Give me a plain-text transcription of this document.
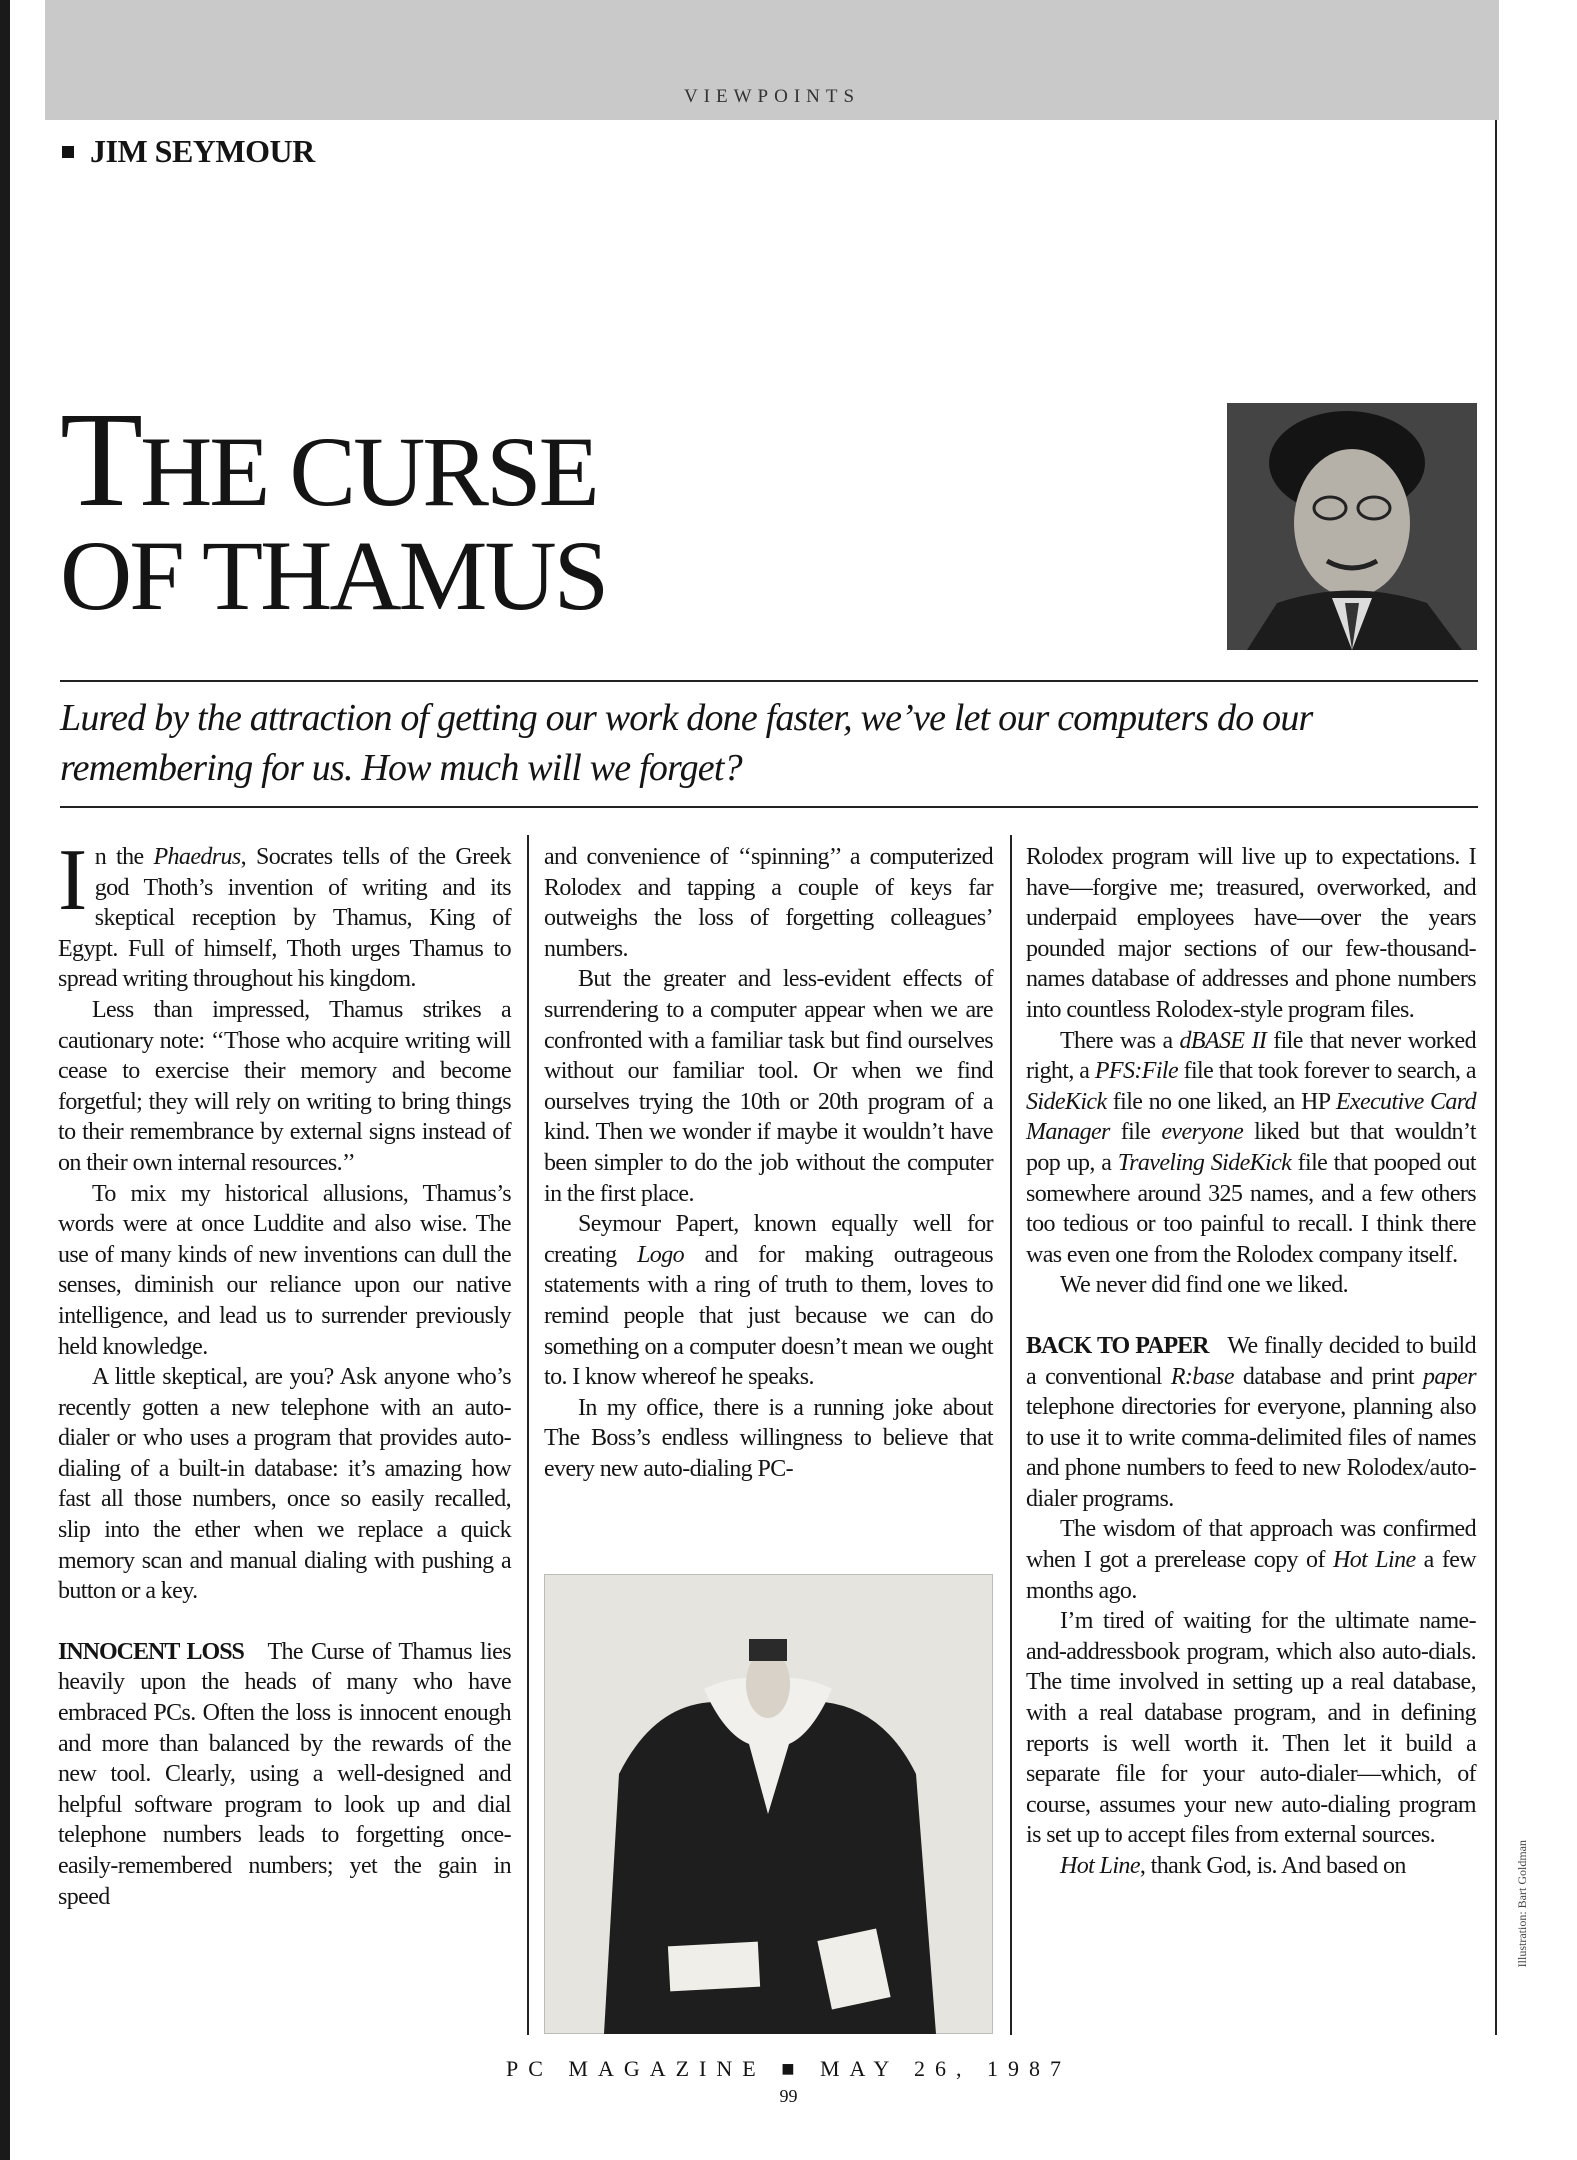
VIEWPOINTS
JIM SEYMOUR
THE CURSE
OF THAMUS
Lured by the attraction of getting our work done faster, we’ve let our computers do our remembering for us. How much will we forget?

In the Phaedrus, Socrates tells of the Greek god Thoth’s invention of writing and its skeptical reception by Thamus, King of Egypt. Full of himself, Thoth urges Thamus to spread writing throughout his kingdom.

Less than impressed, Thamus strikes a cautionary note: ‘‘Those who acquire writing will cease to exercise their memory and become forgetful; they will rely on writing to bring things to their remembrance by external signs instead of on their own internal resources.’’

To mix my historical allusions, Thamus’s words were at once Luddite and also wise. The use of many kinds of new inventions can dull the senses, diminish our reliance upon our native intelligence, and lead us to surrender previously held knowledge.

A little skeptical, are you? Ask anyone who’s recently gotten a new telephone with an auto-dialer or who uses a program that provides auto-dialing of a built-in database: it’s amazing how fast all those numbers, once so easily recalled, slip into the ether when we replace a quick memory scan and manual dialing with pushing a button or a key.

INNOCENT LOSS The Curse of Thamus lies heavily upon the heads of many who have embraced PCs. Often the loss is innocent enough and more than balanced by the rewards of the new tool. Clearly, using a well-designed and helpful software program to look up and dial telephone numbers leads to forgetting once-easily-remembered numbers; yet the gain in speed

and convenience of ‘‘spinning’’ a computerized Rolodex and tapping a couple of keys far outweighs the loss of forgetting colleagues’ numbers.

But the greater and less-evident effects of surrendering to a computer appear when we are confronted with a familiar task but find ourselves without our familiar tool. Or when we find ourselves trying the 10th or 20th program of a kind. Then we wonder if maybe it wouldn’t have been simpler to do the job without the computer in the first place.

Seymour Papert, known equally well for creating Logo and for making outrageous statements with a ring of truth to them, loves to remind people that just because we can do something on a computer doesn’t mean we ought to. I know whereof he speaks.

In my office, there is a running joke about The Boss’s endless willingness to believe that every new auto-dialing PC-

Rolodex program will live up to expectations. I have—forgive me; treasured, overworked, and underpaid employees have—over the years pounded major sections of our few-thousand-names database of addresses and phone numbers into countless Rolodex-style program files.

There was a dBASE II file that never worked right, a PFS:File file that took forever to search, a SideKick file no one liked, an HP Executive Card Manager file everyone liked but that wouldn’t pop up, a Traveling SideKick file that pooped out somewhere around 325 names, and a few others too tedious or too painful to recall. I think there was even one from the Rolodex company itself.

We never did find one we liked.

BACK TO PAPER We finally decided to build a conventional R:base database and print paper telephone directories for everyone, planning also to use it to write comma-delimited files of names and phone numbers to feed to new Rolodex/auto-dialer programs.

The wisdom of that approach was confirmed when I got a prerelease copy of Hot Line a few months ago.

I’m tired of waiting for the ultimate name-and-addressbook program, which also auto-dials. The time involved in setting up a real database, with a real database program, and in defining reports is well worth it. Then let it build a separate file for your auto-dialer—which, of course, assumes your new auto-dialing program is set up to accept files from external sources.

Hot Line, thank God, is. And based on	Illustration: Bart Goldman
PC MAGAZINE ■ MAY 26, 1987
99
